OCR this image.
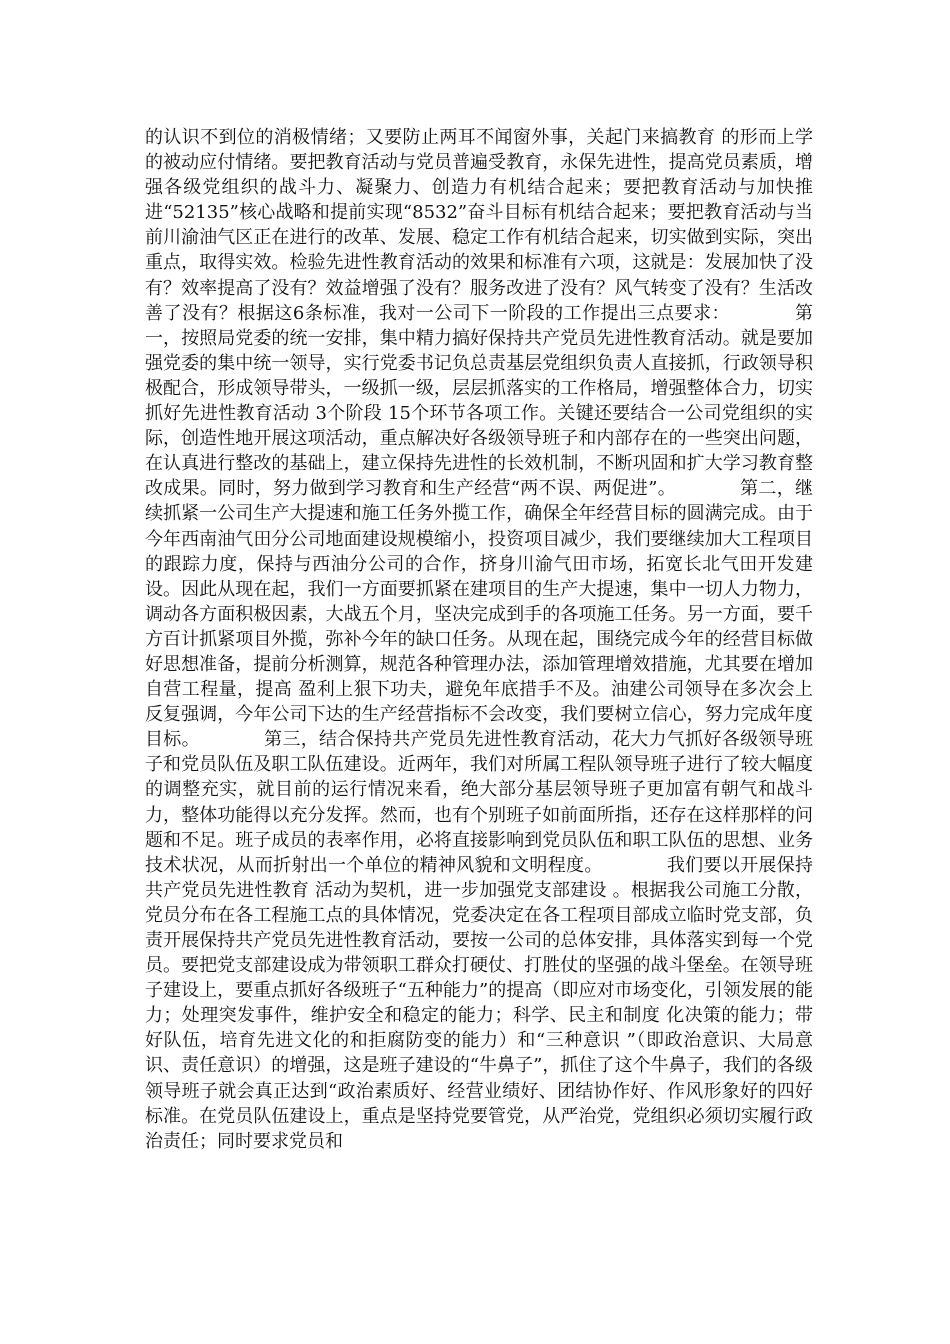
的认识不到位的消极情绪；又要防止两耳不闻窗外事，关起门来搞教育 的形而上学的被动应付情绪。要把教育活动与党员普遍受教育，永保先进性，提高党员素质，增强各级党组织的战斗力、凝聚力、创造力有机结合起来；要把教育活动与加快推进“52135”核心战略和提前实现“8532”奋斗目标有机结合起来；要把教育活动与当前川渝油气区正在进行的改革、发展、稳定工作有机结合起来，切实做到实际，突出重点，取得实效。检验先进性教育活动的效果和标准有六项，这就是：发展加快了没有？效率提高了没有？效益增强了没有？服务改进了没有？风气转变了没有？生活改善了没有？根据这6条标准，我对一公司下一阶段的工作提出三点要求：　　　　第一，按照局党委的统一安排，集中精力搞好保持共产党员先进性教育活动。就是要加强党委的集中统一领导，实行党委书记负总责基层党组织负责人直接抓，行政领导积极配合，形成领导带头，一级抓一级，层层抓落实的工作格局，增强整体合力，切实抓好先进性教育活动 3个阶段 15个环节各项工作。关键还要结合一公司党组织的实际，创造性地开展这项活动，重点解决好各级领导班子和内部存在的一些突出问题，在认真进行整改的基础上，建立保持先进性的长效机制，不断巩固和扩大学习教育整改成果。同时，努力做到学习教育和生产经营“两不误、两促进”。　　　　第二，继续抓紧一公司生产大提速和施工任务外揽工作，确保全年经营目标的圆满完成。由于今年西南油气田分公司地面建设规模缩小，投资项目减少，我们要继续加大工程项目的跟踪力度，保持与西油分公司的合作，挤身川渝气田市场，拓宽长北气田开发建设。因此从现在起，我们一方面要抓紧在建项目的生产大提速，集中一切人力物力，调动各方面积极因素，大战五个月，坚决完成到手的各项施工任务。另一方面，要千方百计抓紧项目外揽，弥补今年的缺口任务。从现在起，围绕完成今年的经营目标做好思想准备，提前分析测算，规范各种管理办法，添加管理增效措施，尤其要在增加自营工程量，提高 盈利上狠下功夫，避免年底措手不及。油建公司领导在多次会上反复强调，今年公司下达的生产经营指标不会改变，我们要树立信心，努力完成年度目标。　　　　第三，结合保持共产党员先进性教育活动，花大力气抓好各级领导班子和党员队伍及职工队伍建设。近两年，我们对所属工程队领导班子进行了较大幅度的调整充实，就目前的运行情况来看，绝大部分基层领导班子更加富有朝气和战斗力，整体功能得以充分发挥。然而，也有个别班子如前面所指，还存在这样那样的问题和不足。班子成员的表率作用，必将直接影响到党员队伍和职工队伍的思想、业务技术状况，从而折射出一个单位的精神风貌和文明程度。　　　　我们要以开展保持共产党员先进性教育 活动为契机，进一步加强党支部建设 。根据我公司施工分散，党员分布在各工程施工点的具体情况，党委决定在各工程项目部成立临时党支部，负责开展保持共产党员先进性教育活动，要按一公司的总体安排，具体落实到每一个党员。要把党支部建设成为带领职工群众打硬仗、打胜仗的坚强的战斗堡垒。在领导班子建设上，要重点抓好各级班子“五种能力”的提高（即应对市场变化，引领发展的能力；处理突发事件，维护安全和稳定的能力；科学、民主和制度 化决策的能力；带好队伍，培育先进文化的和拒腐防变的能力）和“三种意识 ”（即政治意识、大局意识、责任意识）的增强，这是班子建设的“牛鼻子”，抓住了这个牛鼻子，我们的各级领导班子就会真正达到“政治素质好、经营业绩好、团结协作好、作风形象好的四好标准。在党员队伍建设上，重点是坚持党要管党，从严治党，党组织必须切实履行政治责任；同时要求党员和
